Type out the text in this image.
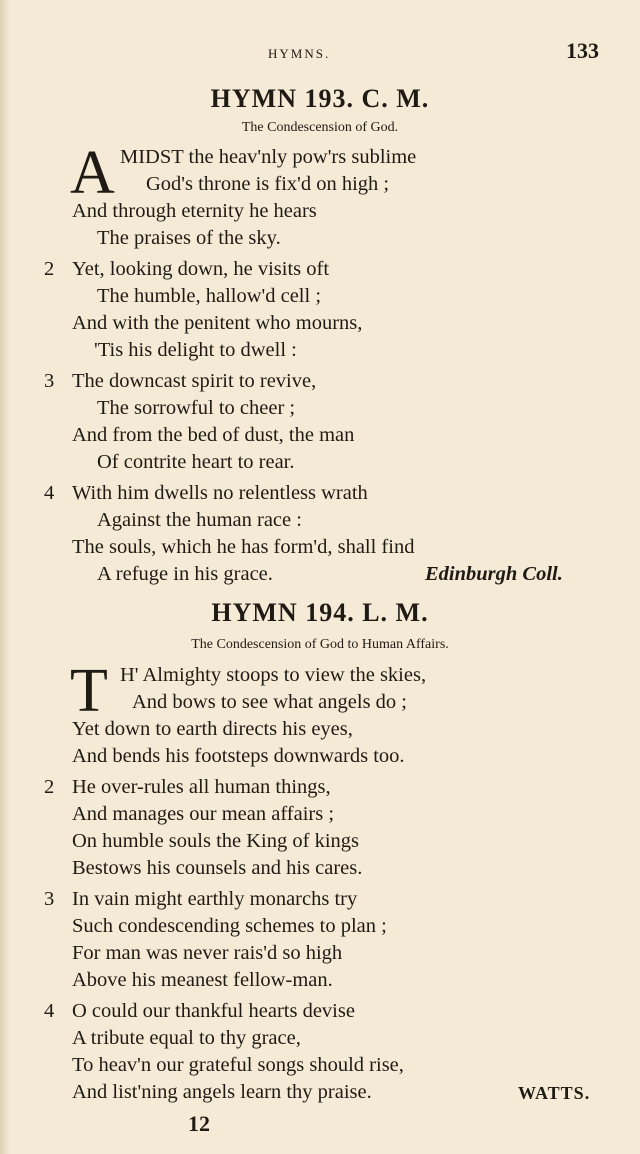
HYMNS.	133
HYMN 193. C. M.
The Condescension of God.
A MIDST the heav'nly pow'rs sublime
God's throne is fix'd on high ;
And through eternity he hears
The praises of the sky.
2 Yet, looking down, he visits oft
The humble, hallow'd cell ;
And with the penitent who mourns,
'Tis his delight to dwell :
3 The downcast spirit to revive,
The sorrowful to cheer ;
And from the bed of dust, the man
Of contrite heart to rear.
4 With him dwells no relentless wrath
Against the human race :
The souls, which he has form'd, shall find
A refuge in his grace.	Edinburgh Coll.
HYMN 194. L. M.
The Condescension of God to Human Affairs.
T H' Almighty stoops to view the skies,
And bows to see what angels do ;
Yet down to earth directs his eyes,
And bends his footsteps downwards too.
2 He over-rules all human things,
And manages our mean affairs ;
On humble souls the King of kings
Bestows his counsels and his cares.
3 In vain might earthly monarchs try
Such condescending schemes to plan ;
For man was never rais'd so high
Above his meanest fellow-man.
4 O could our thankful hearts devise
A tribute equal to thy grace,
To heav'n our grateful songs should rise,
And list'ning angels learn thy praise.	WATTS.
12
